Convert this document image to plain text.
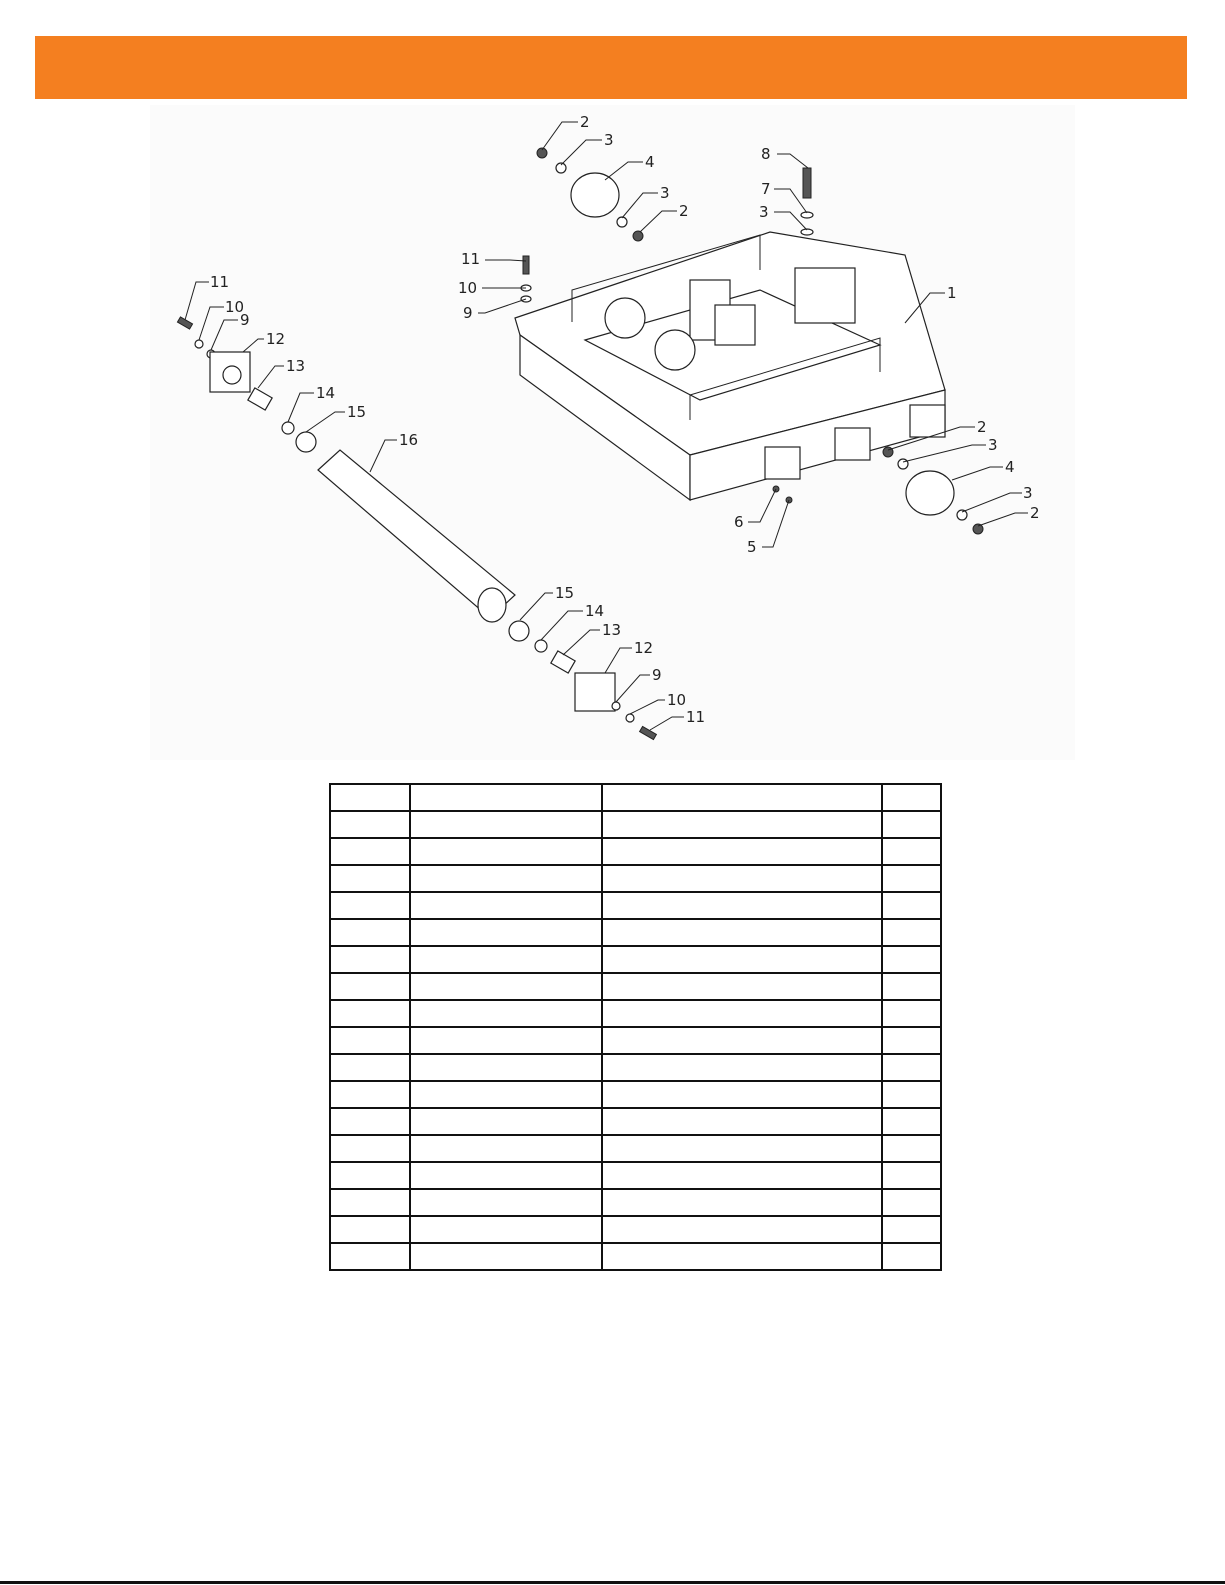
2
3
4
3
2
8
7
3
1
11
10
9
2
3
4
3
2
6
5
11
10
9
12
13
14
15
16
15
14
13
12
9
10
11
